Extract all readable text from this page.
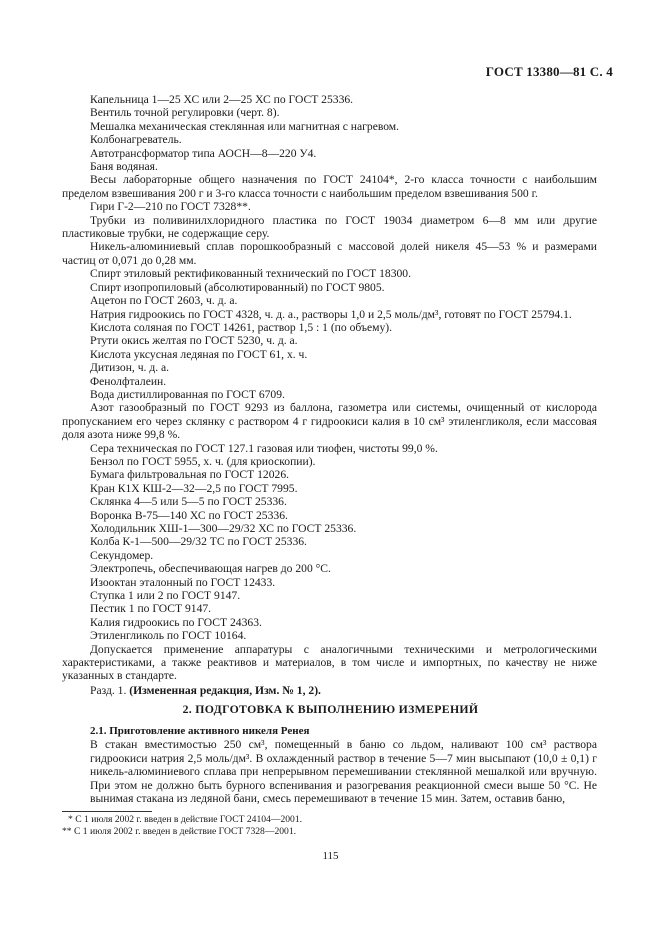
ГОСТ 13380—81 С. 4

Капельница 1—25 ХС или 2—25 ХС по ГОСТ 25336.

Вентиль точной регулировки (черт. 8).

Мешалка механическая стеклянная или магнитная с нагревом.

Колбонагреватель.

Автотрансформатор типа АОСН—8—220 У4.

Баня водяная.

Весы лабораторные общего назначения по ГОСТ 24104*, 2-го класса точности с наибольшим пределом взвешивания 200 г и 3-го класса точности с наибольшим пределом взвешивания 500 г.

Гири Г-2—210 по ГОСТ 7328**.

Трубки из поливинилхлоридного пластика по ГОСТ 19034 диаметром 6—8 мм или другие пластиковые трубки, не содержащие серу.

Никель-алюминиевый сплав порошкообразный с массовой долей никеля 45—53 % и размерами частиц от 0,071 до 0,28 мм.

Спирт этиловый ректификованный технический по ГОСТ 18300.

Спирт изопропиловый (абсолютированный) по ГОСТ 9805.

Ацетон по ГОСТ 2603, ч. д. а.

Натрия гидроокись по ГОСТ 4328, ч. д. а., растворы 1,0 и 2,5 моль/дм³, готовят по ГОСТ 25794.1.

Кислота соляная по ГОСТ 14261, раствор 1,5 : 1 (по объему).

Ртути окись желтая по ГОСТ 5230, ч. д. а.

Кислота уксусная ледяная по ГОСТ 61, х. ч.

Дитизон, ч. д. а.

Фенолфталеин.

Вода дистиллированная по ГОСТ 6709.

Азот газообразный по ГОСТ 9293 из баллона, газометра или системы, очищенный от кислорода пропусканием его через склянку с раствором 4 г гидроокиси калия в 10 см³ этиленгликоля, если массовая доля азота ниже 99,8 %.

Сера техническая по ГОСТ 127.1 газовая или тиофен, чистоты 99,0 %.

Бензол по ГОСТ 5955, х. ч. (для криоскопии).

Бумага фильтровальная по ГОСТ 12026.

Кран К1Х КШ-2—32—2,5 по ГОСТ 7995.

Склянка 4—5 или 5—5 по ГОСТ 25336.

Воронка В-75—140 ХС по ГОСТ 25336.

Холодильник ХШ-1—300—29/32 ХС по ГОСТ 25336.

Колба К-1—500—29/32 ТС по ГОСТ 25336.

Секундомер.

Электропечь, обеспечивающая нагрев до 200 °С.

Изооктан эталонный по ГОСТ 12433.

Ступка 1 или 2 по ГОСТ 9147.

Пестик 1 по ГОСТ 9147.

Калия гидроокись по ГОСТ 24363.

Этиленгликоль по ГОСТ 10164.

Допускается применение аппаратуры с аналогичными техническими и метрологическими характеристиками, а также реактивов и материалов, в том числе и импортных, по качеству не ниже указанных в стандарте.

Разд. 1. (Измененная редакция, Изм. № 1, 2).

2. ПОДГОТОВКА К ВЫПОЛНЕНИЮ ИЗМЕРЕНИЙ

2.1. Приготовление активного никеля Ренея

В стакан вместимостью 250 см³, помещенный в баню со льдом, наливают 100 см³ раствора гидроокиси натрия 2,5 моль/дм³. В охлажденный раствор в течение 5—7 мин высыпают (10,0 ± 0,1) г никель-алюминиевого сплава при непрерывном перемешивании стеклянной мешалкой или вручную. При этом не должно быть бурного вспенивания и разогревания реакционной смеси выше 50 °С. Не вынимая стакана из ледяной бани, смесь перемешивают в течение 15 мин. Затем, оставив баню,

* С 1 июля 2002 г. введен в действие ГОСТ 24104—2001.
** С 1 июля 2002 г. введен в действие ГОСТ 7328—2001.
115
